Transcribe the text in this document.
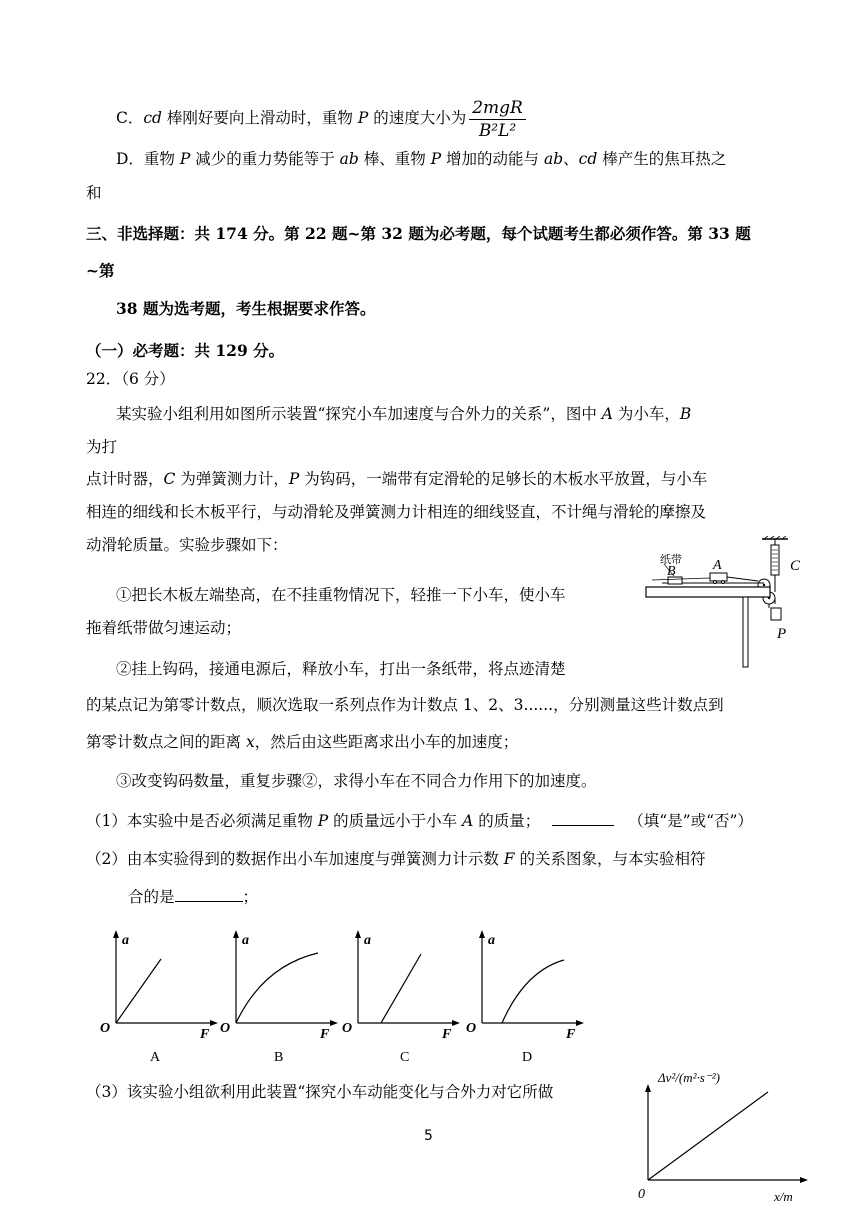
C．cd 棒刚好要向上滑动时，重物 P 的速度大小为 $\frac{\text{2mgR}}{\text{B²L²}}$
D．重物 P 减少的重力势能等于 ab 棒、重物 P 增加的动能与 ab、cd 棒产生的焦耳热之
和
三、非选择题：共 174 分。第 22 题~第 32 题为必考题，每个试题考生都必须作答。第 33 题
~第
38 题为选考题，考生根据要求作答。
（一）必考题：共 129 分。
22．（6 分）
某实验小组利用如图所示装置“探究小车加速度与合外力的关系”，图中 A 为小车，B
为打
点计时器，C 为弹簧测力计，P 为钩码，一端带有定滑轮的足够长的木板水平放置，与小车
相连的细线和长木板平行，与动滑轮及弹簧测力计相连的细线竖直，不计绳与滑轮的摩擦及
动滑轮质量。实验步骤如下：
①把长木板左端垫高，在不挂重物情况下，轻推一下小车，使小车
拖着纸带做匀速运动；
②挂上钩码，接通电源后，释放小车，打出一条纸带，将点迹清楚
的某点记为第零计数点，顺次选取一系列点作为计数点 1、2、3......，分别测量这些计数点到
第零计数点之间的距离 x，然后由这些距离求出小车的加速度；
③改变钩码数量，重复步骤②，求得小车在不同合力作用下的加速度。
（1）本实验中是否必须满足重物 P 的质量远小于小车 A 的质量；	（填“是”或“否”）
（2）由本实验得到的数据作出小车加速度与弹簧测力计示数 F 的关系图象，与本实验相符
合的是	；
（3）该实验小组欲利用此装置“探究小车动能变化与合外力对它所做
5
纸带
B	A	C
P
a
O	F
A
a
O	F
B
a
O	F
C
a
O	F
D
Δv²/(m²·s⁻²)
0	x/m
